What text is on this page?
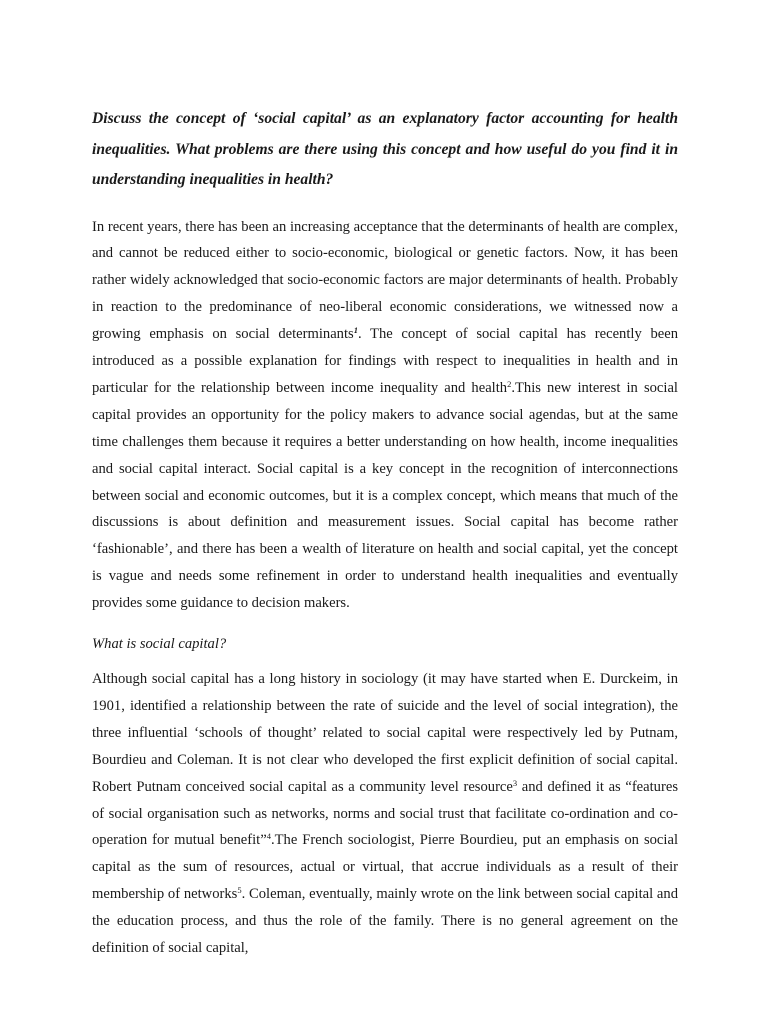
Discuss the concept of ‘social capital’ as an explanatory factor accounting for health inequalities. What problems are there using this concept and how useful do you find it in understanding inequalities in health?

In recent years, there has been an increasing acceptance that the determinants of health are complex, and cannot be reduced either to socio-economic, biological or genetic factors. Now, it has been rather widely acknowledged that socio-economic factors are major determinants of health. Probably in reaction to the predominance of neo-liberal economic considerations, we witnessed now a growing emphasis on social determinants$^1$. The concept of social capital has recently been introduced as a possible explanation for findings with respect to inequalities in health and in particular for the relationship between income inequality and health$^2$.This new interest in social capital provides an opportunity for the policy makers to advance social agendas, but at the same time challenges them because it requires a better understanding on how health, income inequalities and social capital interact. Social capital is a key concept in the recognition of interconnections between social and economic outcomes, but it is a complex concept, which means that much of the discussions is about definition and measurement issues. Social capital has become rather ‘fashionable’, and there has been a wealth of literature on health and social capital, yet the concept is vague and needs some refinement in order to understand health inequalities and eventually provides some guidance to decision makers.

What is social capital?

Although social capital has a long history in sociology (it may have started when E. Durckeim, in 1901, identified a relationship between the rate of suicide and the level of social integration), the three influential ‘schools of thought’ related to social capital were respectively led by Putnam, Bourdieu and Coleman. It is not clear who developed the first explicit definition of social capital. Robert Putnam conceived social capital as a community level resource$^3$ and defined it as “features of social organisation such as networks, norms and social trust that facilitate co-ordination and co-operation for mutual benefit”$^4$.The French sociologist, Pierre Bourdieu, put an emphasis on social capital as the sum of resources, actual or virtual, that accrue individuals as a result of their membership of networks$^5$. Coleman, eventually, mainly wrote on the link between social capital and the education process, and thus the role of the family. There is no general agreement on the definition of social capital,
